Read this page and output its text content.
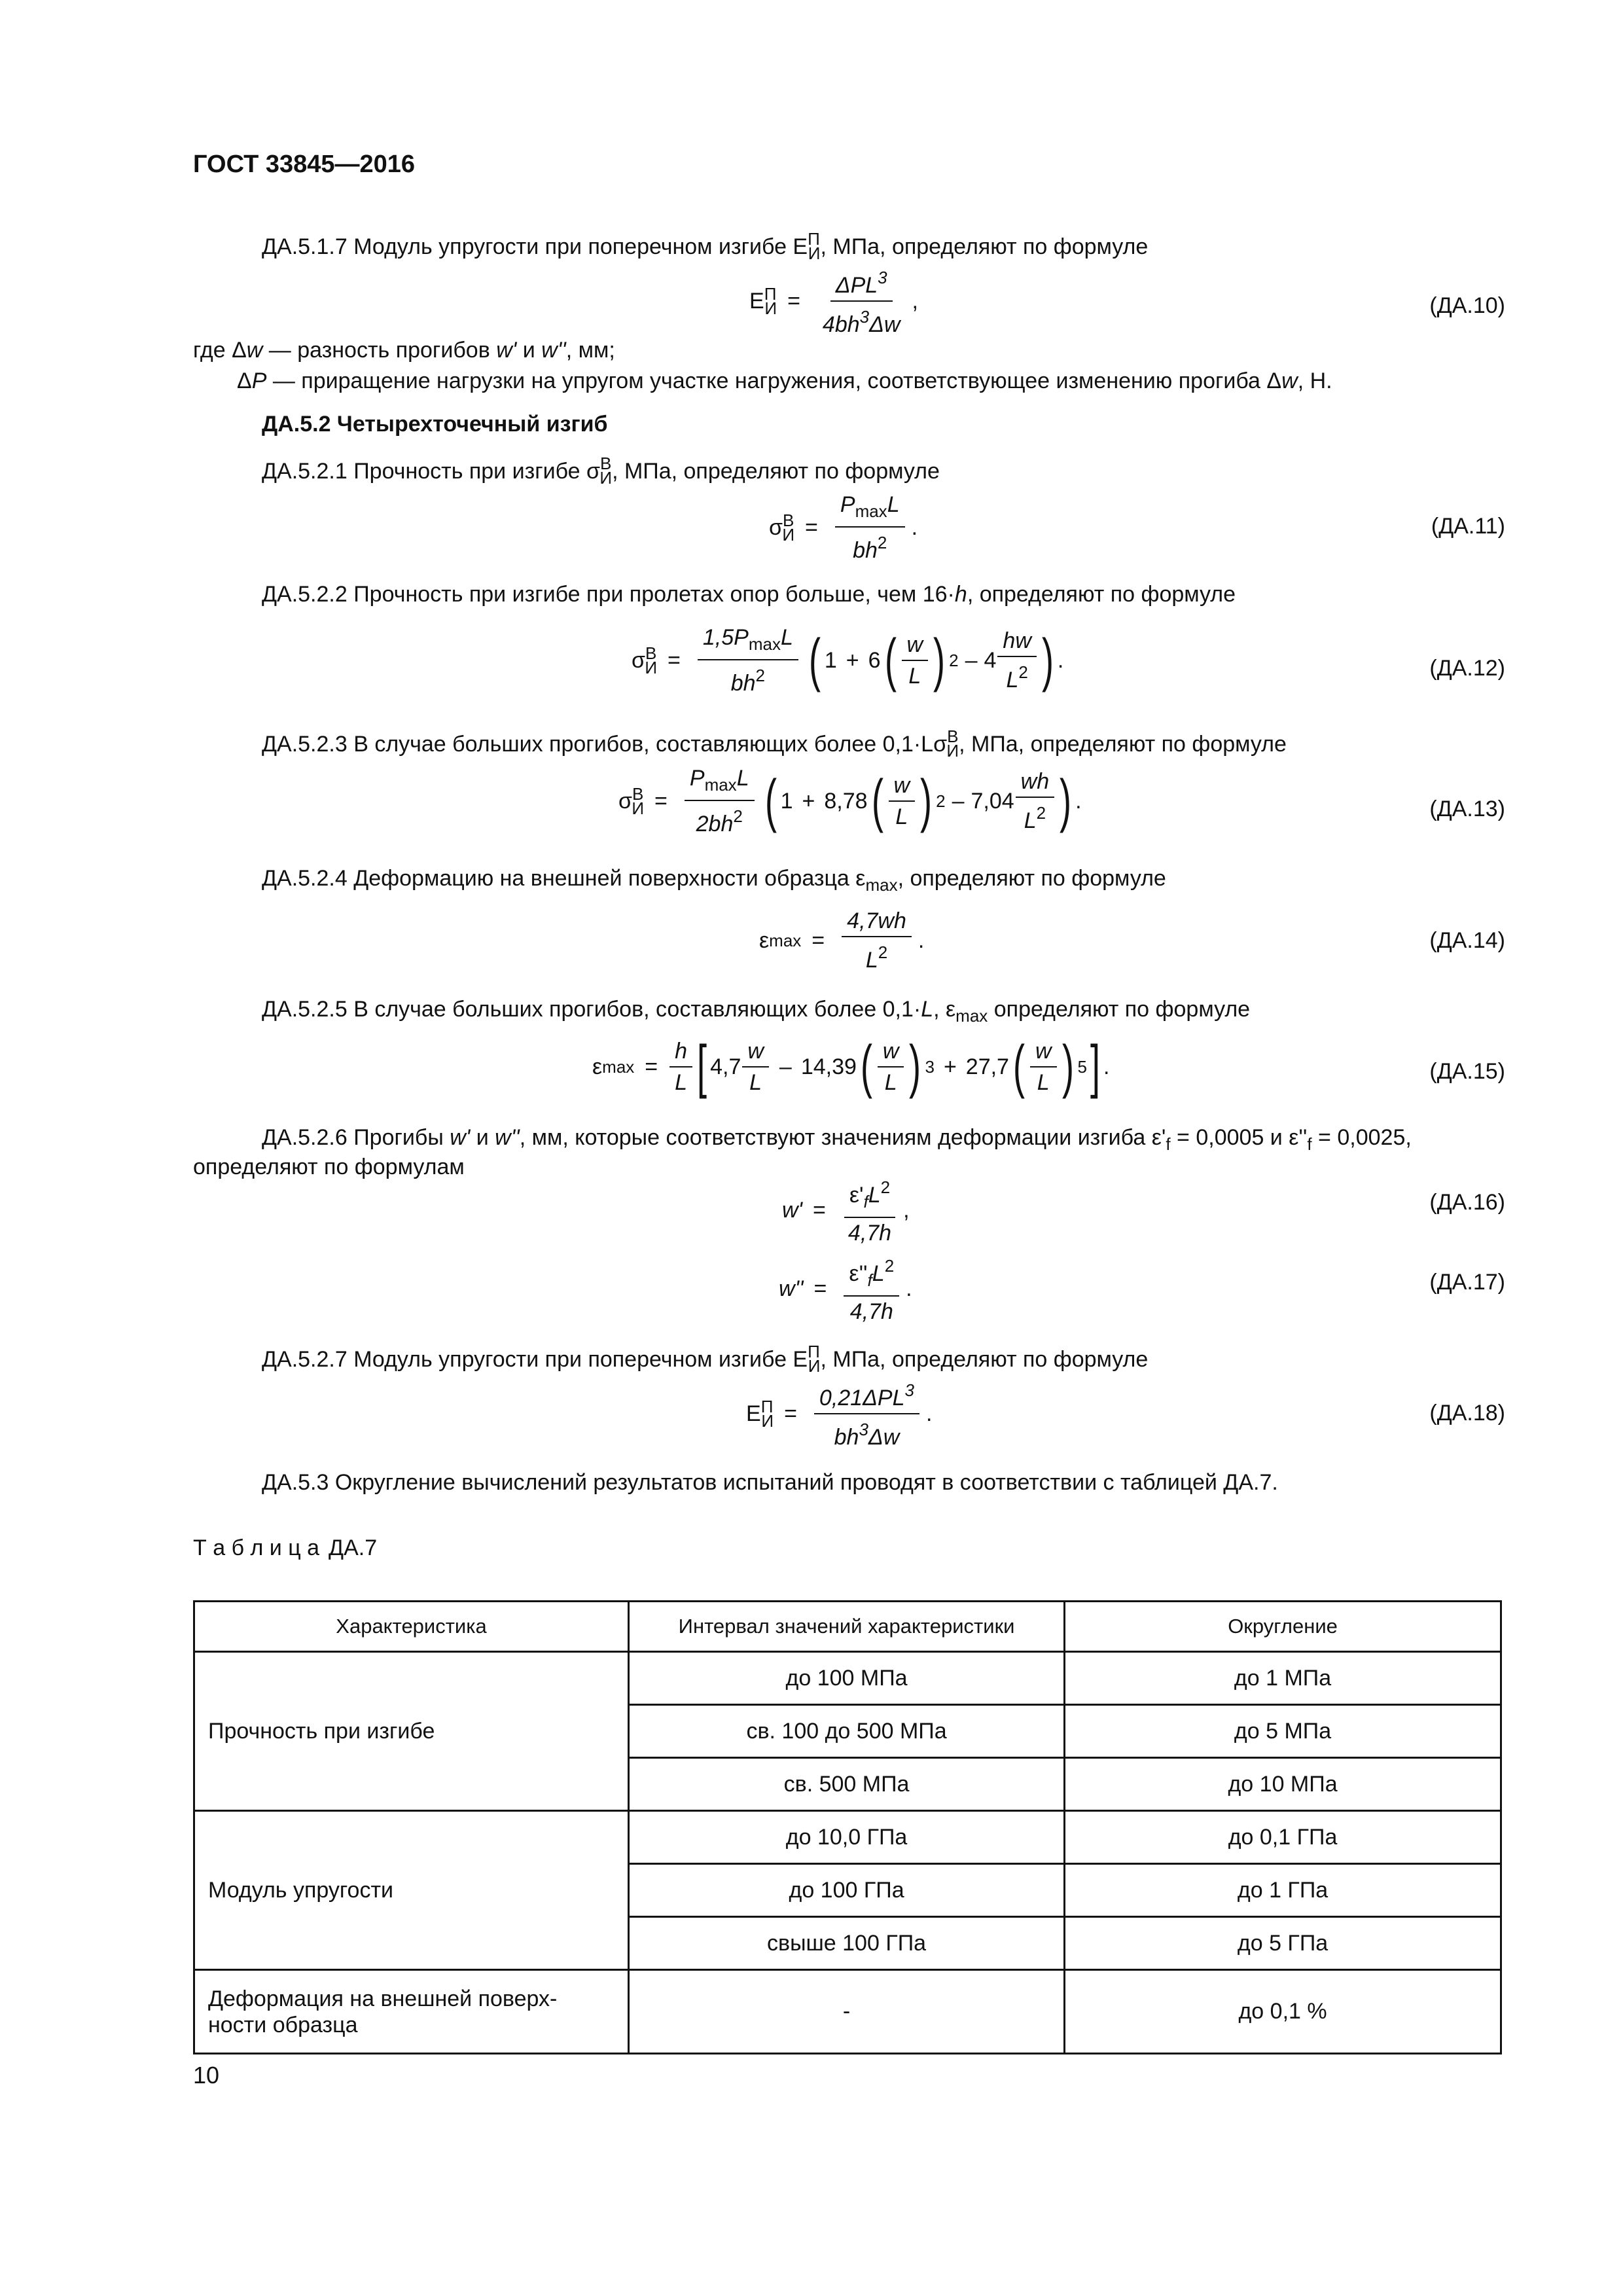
ГОСТ 33845—2016
ДА.5.1.7 Модуль упругости при поперечном изгибе $Е^П_И$, МПа, определяют по формуле
Е $^П_И = \frac{\Delta PL^3}{4bh^3\Delta w}$ ,	(ДА.10)
где Δw — разность прогибов w' и w'', мм;
ΔP — приращение нагрузки на упругом участке нагружения, соответствующее изменению прогиба Δw, Н.
ДА.5.2 Четырехточечный изгиб
ДА.5.2.1 Прочность при изгибе $\sigma^В_И$, МПа, определяют по формуле
σ $^В_И = \frac{P_{max}L}{bh^2}$ .	(ДА.11)
ДА.5.2.2 Прочность при изгибе при пролетах опор больше, чем 16·h, определяют по формуле
σ $^В_И = \frac{1,5P_{max}L}{bh^2}$ ( 1 + 6 ( $\frac{w}{L}$ ) $2 - 4 \frac{hw}{L^2}$ ) .	(ДА.12)
ДА.5.2.3 В случае больших прогибов, составляющих более $0,1\cdot L\sigma^В_И$, МПа, определяют по формуле
σ $^В_И = \frac{P_{max}L}{2bh^2}$ ( 1 + 8,78 ( $\frac{w}{L}$ ) $2 - 7,04 \frac{wh}{L^2}$ ) .	(ДА.13)
ДА.5.2.4 Деформацию на внешней поверхности образца $\varepsilon_{max}$, определяют по формуле
ε $\max = \frac{4,7wh}{L^2}$ .	(ДА.14)
ДА.5.2.5 В случае больших прогибов, составляющих более 0,1·L, $\varepsilon_{max}$ определяют по формуле
ε $\max = \frac{h}{L}$ [ $4,7 \frac{w}{L} - 14,39$ ( $\frac{w}{L}$ ) 3 + 27,7 ( $\frac{w}{L}$ ) 5 ] .	(ДА.15)
ДА.5.2.6 Прогибы w' и w'', мм, которые соответствуют значениям деформации изгиба $\varepsilon'_f = 0,0005$ и $\varepsilon''_f = 0,0025$,
определяют по формулам
$w' = \frac{\varepsilon'_fL^2}{4,7h}$ ,	(ДА.16)
$w'' = \frac{\varepsilon''_fL^2}{4,7h}$ .	(ДА.17)
ДА.5.2.7 Модуль упругости при поперечном изгибе $Е^П_И$, МПа, определяют по формуле
Е $^П_И = \frac{0,21\Delta PL^3}{bh^3\Delta w}$ .	(ДА.18)
ДА.5.3 Округление вычислений результатов испытаний проводят в соответствии с таблицей ДА.7.
Т а б л и ц а ДА.7
Характеристика	Интервал значений характеристики	Округление
Прочность при изгибе	до 100 МПа	до 1 МПа
	св. 100 до 500 МПа	до 5 МПа
	св. 500 МПа	до 10 МПа
Модуль упругости	до 10,0 ГПа	до 0,1 ГПа
	до 100 ГПа	до 1 ГПа
	свыше 100 ГПа	до 5 ГПа
Деформация на внешней поверх-
ности образца	-	до 0,1 %
10
